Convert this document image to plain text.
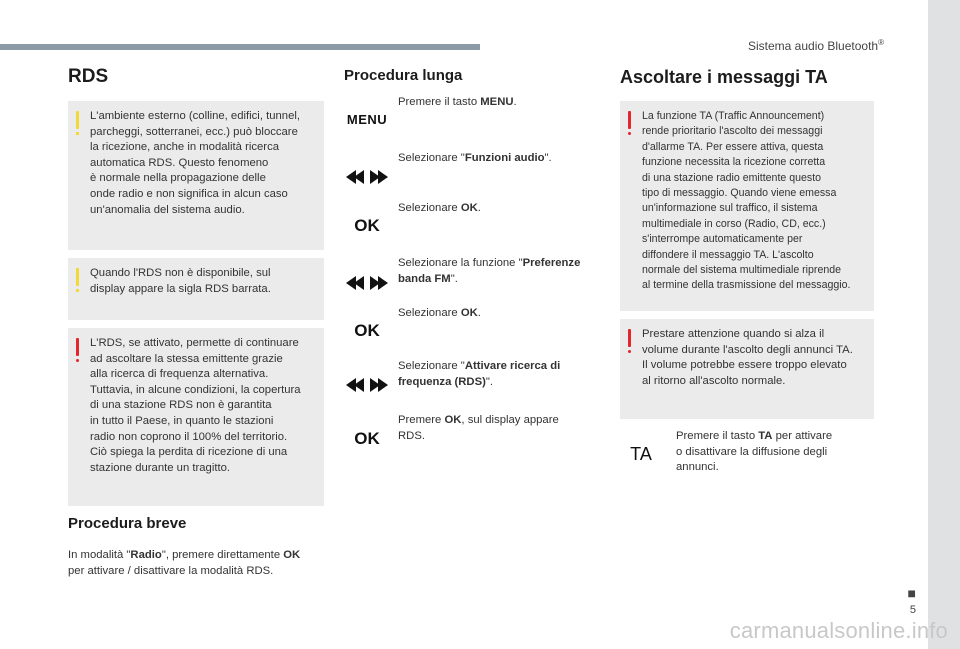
Sistema audio Bluetooth®
■
5
carmanualsonline.info
RDS
L'ambiente esterno (colline, edifici, tunnel,
parcheggi, sotterranei, ecc.) può bloccare
la ricezione, anche in modalità ricerca
automatica RDS. Questo fenomeno
è normale nella propagazione delle
onde radio e non significa in alcun caso
un'anomalia del sistema audio.
Quando l'RDS non è disponibile, sul
display appare la sigla RDS barrata.
L'RDS, se attivato, permette di continuare
ad ascoltare la stessa emittente grazie
alla ricerca di frequenza alternativa.
Tuttavia, in alcune condizioni, la copertura
di una stazione RDS non è garantita
in tutto il Paese, in quanto le stazioni
radio non coprono il 100% del territorio.
Ciò spiega la perdita di ricezione di una
stazione durante un tragitto.
Procedura breve
In modalità "Radio", premere direttamente OK
per attivare / disattivare la modalità RDS.
Procedura lunga
MENU
Premere il tasto MENU.
Selezionare "Funzioni audio".
OK
Selezionare OK.
Selezionare la funzione "Preferenze
banda FM".
OK
Selezionare OK.
Selezionare "Attivare ricerca di
frequenza (RDS)".
OK
Premere OK, sul display appare
RDS.
Ascoltare i messaggi TA
La funzione TA (Traffic Announcement)
rende prioritario l'ascolto dei messaggi
d'allarme TA. Per essere attiva, questa
funzione necessita la ricezione corretta
di una stazione radio emittente questo
tipo di messaggio. Quando viene emessa
un'informazione sul traffico, il sistema
multimediale in corso (Radio, CD, ecc.)
s'interrompe automaticamente per
diffondere il messaggio TA. L'ascolto
normale del sistema multimediale riprende
al termine della trasmissione del messaggio.
Prestare attenzione quando si alza il
volume durante l'ascolto degli annunci TA.
Il volume potrebbe essere troppo elevato
al ritorno all'ascolto normale.
TA
Premere il tasto TA per attivare
o disattivare la diffusione degli
annunci.
